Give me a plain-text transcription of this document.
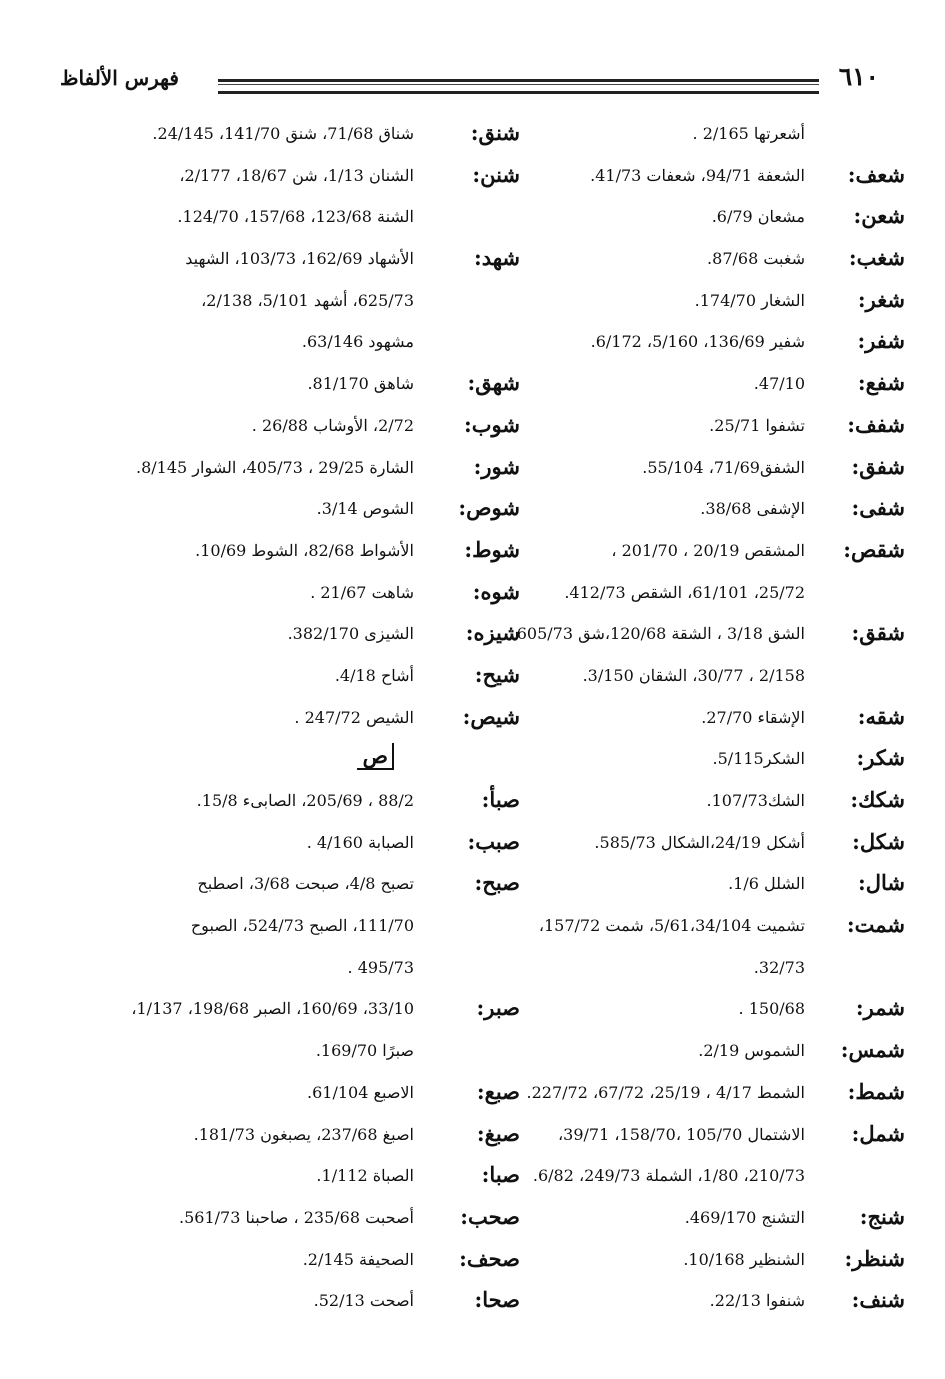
٦١٠
فهرس الألفاظ
أشعرتها 2/165 .
شعف:
الشعفة 94/71، شعفات 41/73.
شعن:
مشعان 6/79.
شغب:
شغبت 87/68.
شغر:
الشغار 174/70.
شفر:
شفير 136/69، 5/160، 6/172.
شفع:
47/10.
شفف:
تشفوا 25/71.
شفق:
الشفق71/69، 55/104.
شفى:
الإشفى 38/68.
شقص:
المشقص 20/19 ، 201/70 ،
25/72، 61/101، الشقص 412/73.
شقق:
الشق 3/18 ، الشقة 120/68،شق 605/73
2/158 ، 30/77، الشقان 3/150.
شقه:
الإشقاء 27/70.
شكر:
الشكر5/115.
شكك:
الشك107/73.
شكل:
أشكل 24/19،الشكال 585/73.
شال:
الشلل 1/6.
شمت:
تشميت 5/61،34/104، شمت 157/72،
32/73.
شمر:
150/68 .
شمس:
الشموس 2/19.
شمط:
الشمط 4/17 ، 25/19، 67/72، 227/72.
شمل:
الاشتمال 105/70 ،158/70، 39/71،
210/73، 1/80، الشملة 249/73، 6/82.
شنج:
التشنج 469/170.
شنظر:
الشنظير 10/168.
شنف:
شنفوا 22/13.
شنق:
شناق 71/68، شنق 141/70، 24/145.
شنن:
الشنان 1/13، شن 18/67، 2/177،
الشنة 123/68، 157/68، 124/70.
شهد:
الأشهاد 162/69، 103/73، الشهيد
625/73، أشهد 5/101، 2/138،
مشهود 63/146.
شهق:
شاهق 81/170.
شوب:
2/72، الأوشاب 26/88 .
شور:
الشارة 29/25 ، 405/73، الشوار 8/145.
شوص:
الشوص 3/14.
شوط:
الأشواط 82/68، الشوط 10/69.
شوه:
شاهت 21/67 .
شيزه:
الشيزى 382/170.
شيح:
أشاح 4/18.
شيص:
الشيص 247/72 .
ص
صبأ:
88/2 ، 205/69، الصابىء 15/8.
صبب:
الصبابة 4/160 .
صبح:
تصبح 4/8، صبحت 3/68، اصطبح
111/70، الصبح 524/73، الصبوح
495/73 .
صبر:
33/10، 160/69، الصبر 198/68، 1/137،
صبرًا 169/70.
صبع:
الاصبع 61/104.
صبغ:
اصبغ 237/68، يصبغون 181/73.
صبا:
الصباة 1/112.
صحب:
أصحبت 235/68 ، صاحبنا 561/73.
صحف:
الصحيفة 2/145.
صحا:
أصحت 52/13.
